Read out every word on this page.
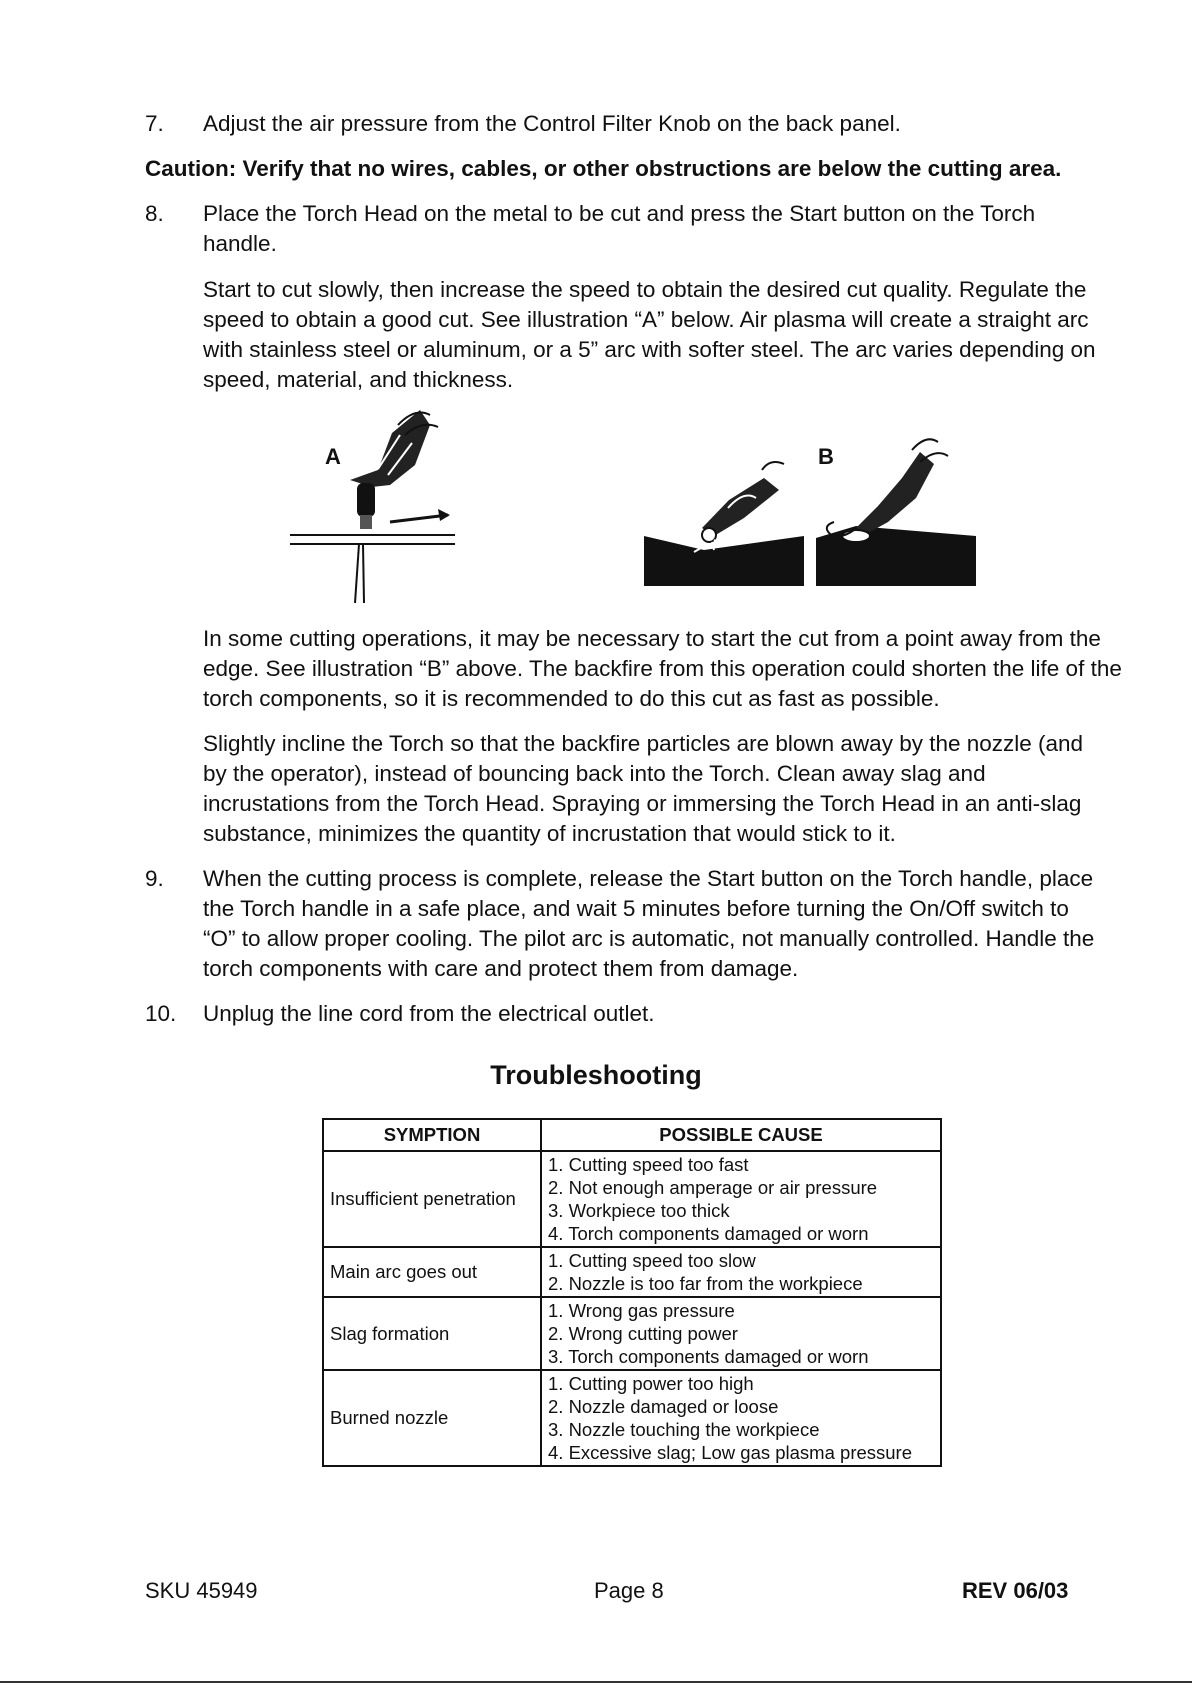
7. Adjust the air pressure from the Control Filter Knob on the back panel.

Caution: Verify that no wires, cables, or other obstructions are below the cutting area.

8. Place the Torch Head on the metal to be cut and press the Start button on the Torch handle.

Start to cut slowly, then increase the speed to obtain the desired cut quality. Regulate the speed to obtain a good cut. See illustration “A” below. Air plasma will create a straight arc with stainless steel or aluminum, or a 5” arc with softer steel. The arc varies depending on speed, material, and thickness.

A	B

In some cutting operations, it may be necessary to start the cut from a point away from the edge. See illustration “B” above. The backfire from this operation could shorten the life of the torch components, so it is recommended to do this cut as fast as possible.

Slightly incline the Torch so that the backfire particles are blown away by the nozzle (and by the operator), instead of bouncing back into the Torch. Clean away slag and incrustations from the Torch Head. Spraying or immersing the Torch Head in an anti-slag substance, minimizes the quantity of incrustation that would stick to it.

9. When the cutting process is complete, release the Start button on the Torch handle, place the Torch handle in a safe place, and wait 5 minutes before turning the On/Off switch to “O” to allow proper cooling. The pilot arc is automatic, not manually controlled. Handle the torch components with care and protect them from damage.

10. Unplug the line cord from the electrical outlet.

Troubleshooting
SYMPTION	POSSIBLE CAUSE
Insufficient penetration	1. Cutting speed too fast
2. Not enough amperage or air pressure
3. Workpiece too thick
4. Torch components damaged or worn

Main arc goes out	1. Cutting speed too slow
2. Nozzle is too far from the workpiece

Slag formation	1. Wrong gas pressure
2. Wrong cutting power
3. Torch components damaged or worn

Burned nozzle	1. Cutting power too high
2. Nozzle damaged or loose
3. Nozzle touching the workpiece
4. Excessive slag; Low gas plasma pressure
SKU 45949	Page 8	REV 06/03
